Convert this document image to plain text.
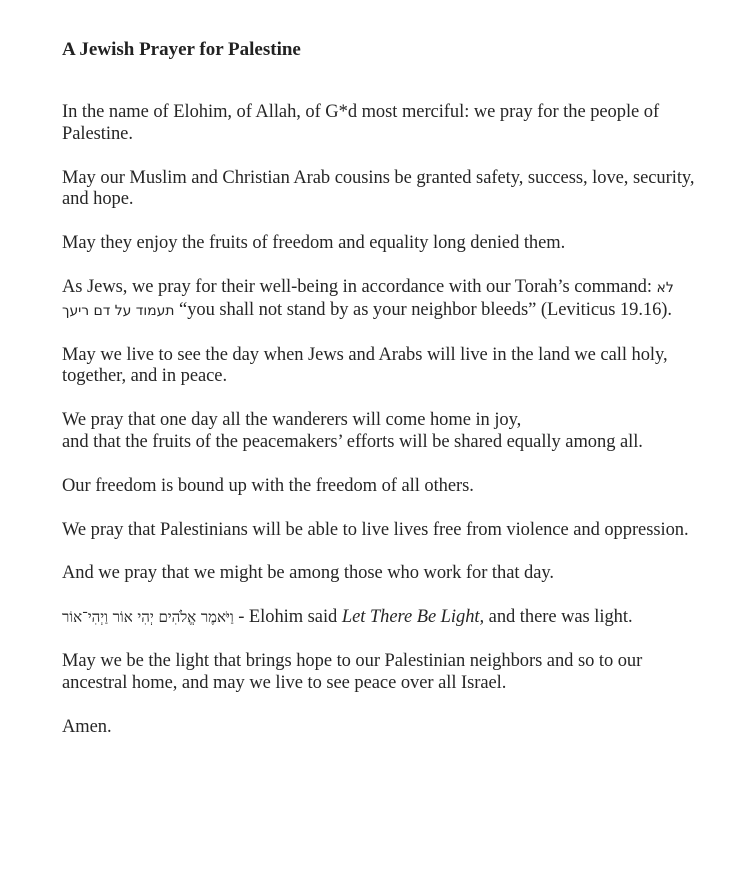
A Jewish Prayer for Palestine

In the name of Elohim, of Allah, of G*d most merciful: we pray for the people of Palestine.

May our Muslim and Christian Arab cousins be granted safety, success, love, security, and hope.

May they enjoy the fruits of freedom and equality long denied them.

As Jews, we pray for their well-being in accordance with our Torah’s command: לא תעמוד על דם ריעך “you shall not stand by as your neighbor bleeds” (Leviticus 19.16).

May we live to see the day when Jews and Arabs will live in the land we call holy, together, and in peace.

We pray that one day all the wanderers will come home in joy,
and that the fruits of the peacemakers’ efforts will be shared equally among all.

Our freedom is bound up with the freedom of all others.

We pray that Palestinians will be able to live lives free from violence and oppression.

And we pray that we might be among those who work for that day.

וַיֹּאמֶר אֱלֹהִים יְהִי אוֹר וַיְהִי־אוֹר - Elohim said Let There Be Light, and there was light.

May we be the light that brings hope to our Palestinian neighbors and so to our ancestral home, and may we live to see peace over all Israel.

Amen.
